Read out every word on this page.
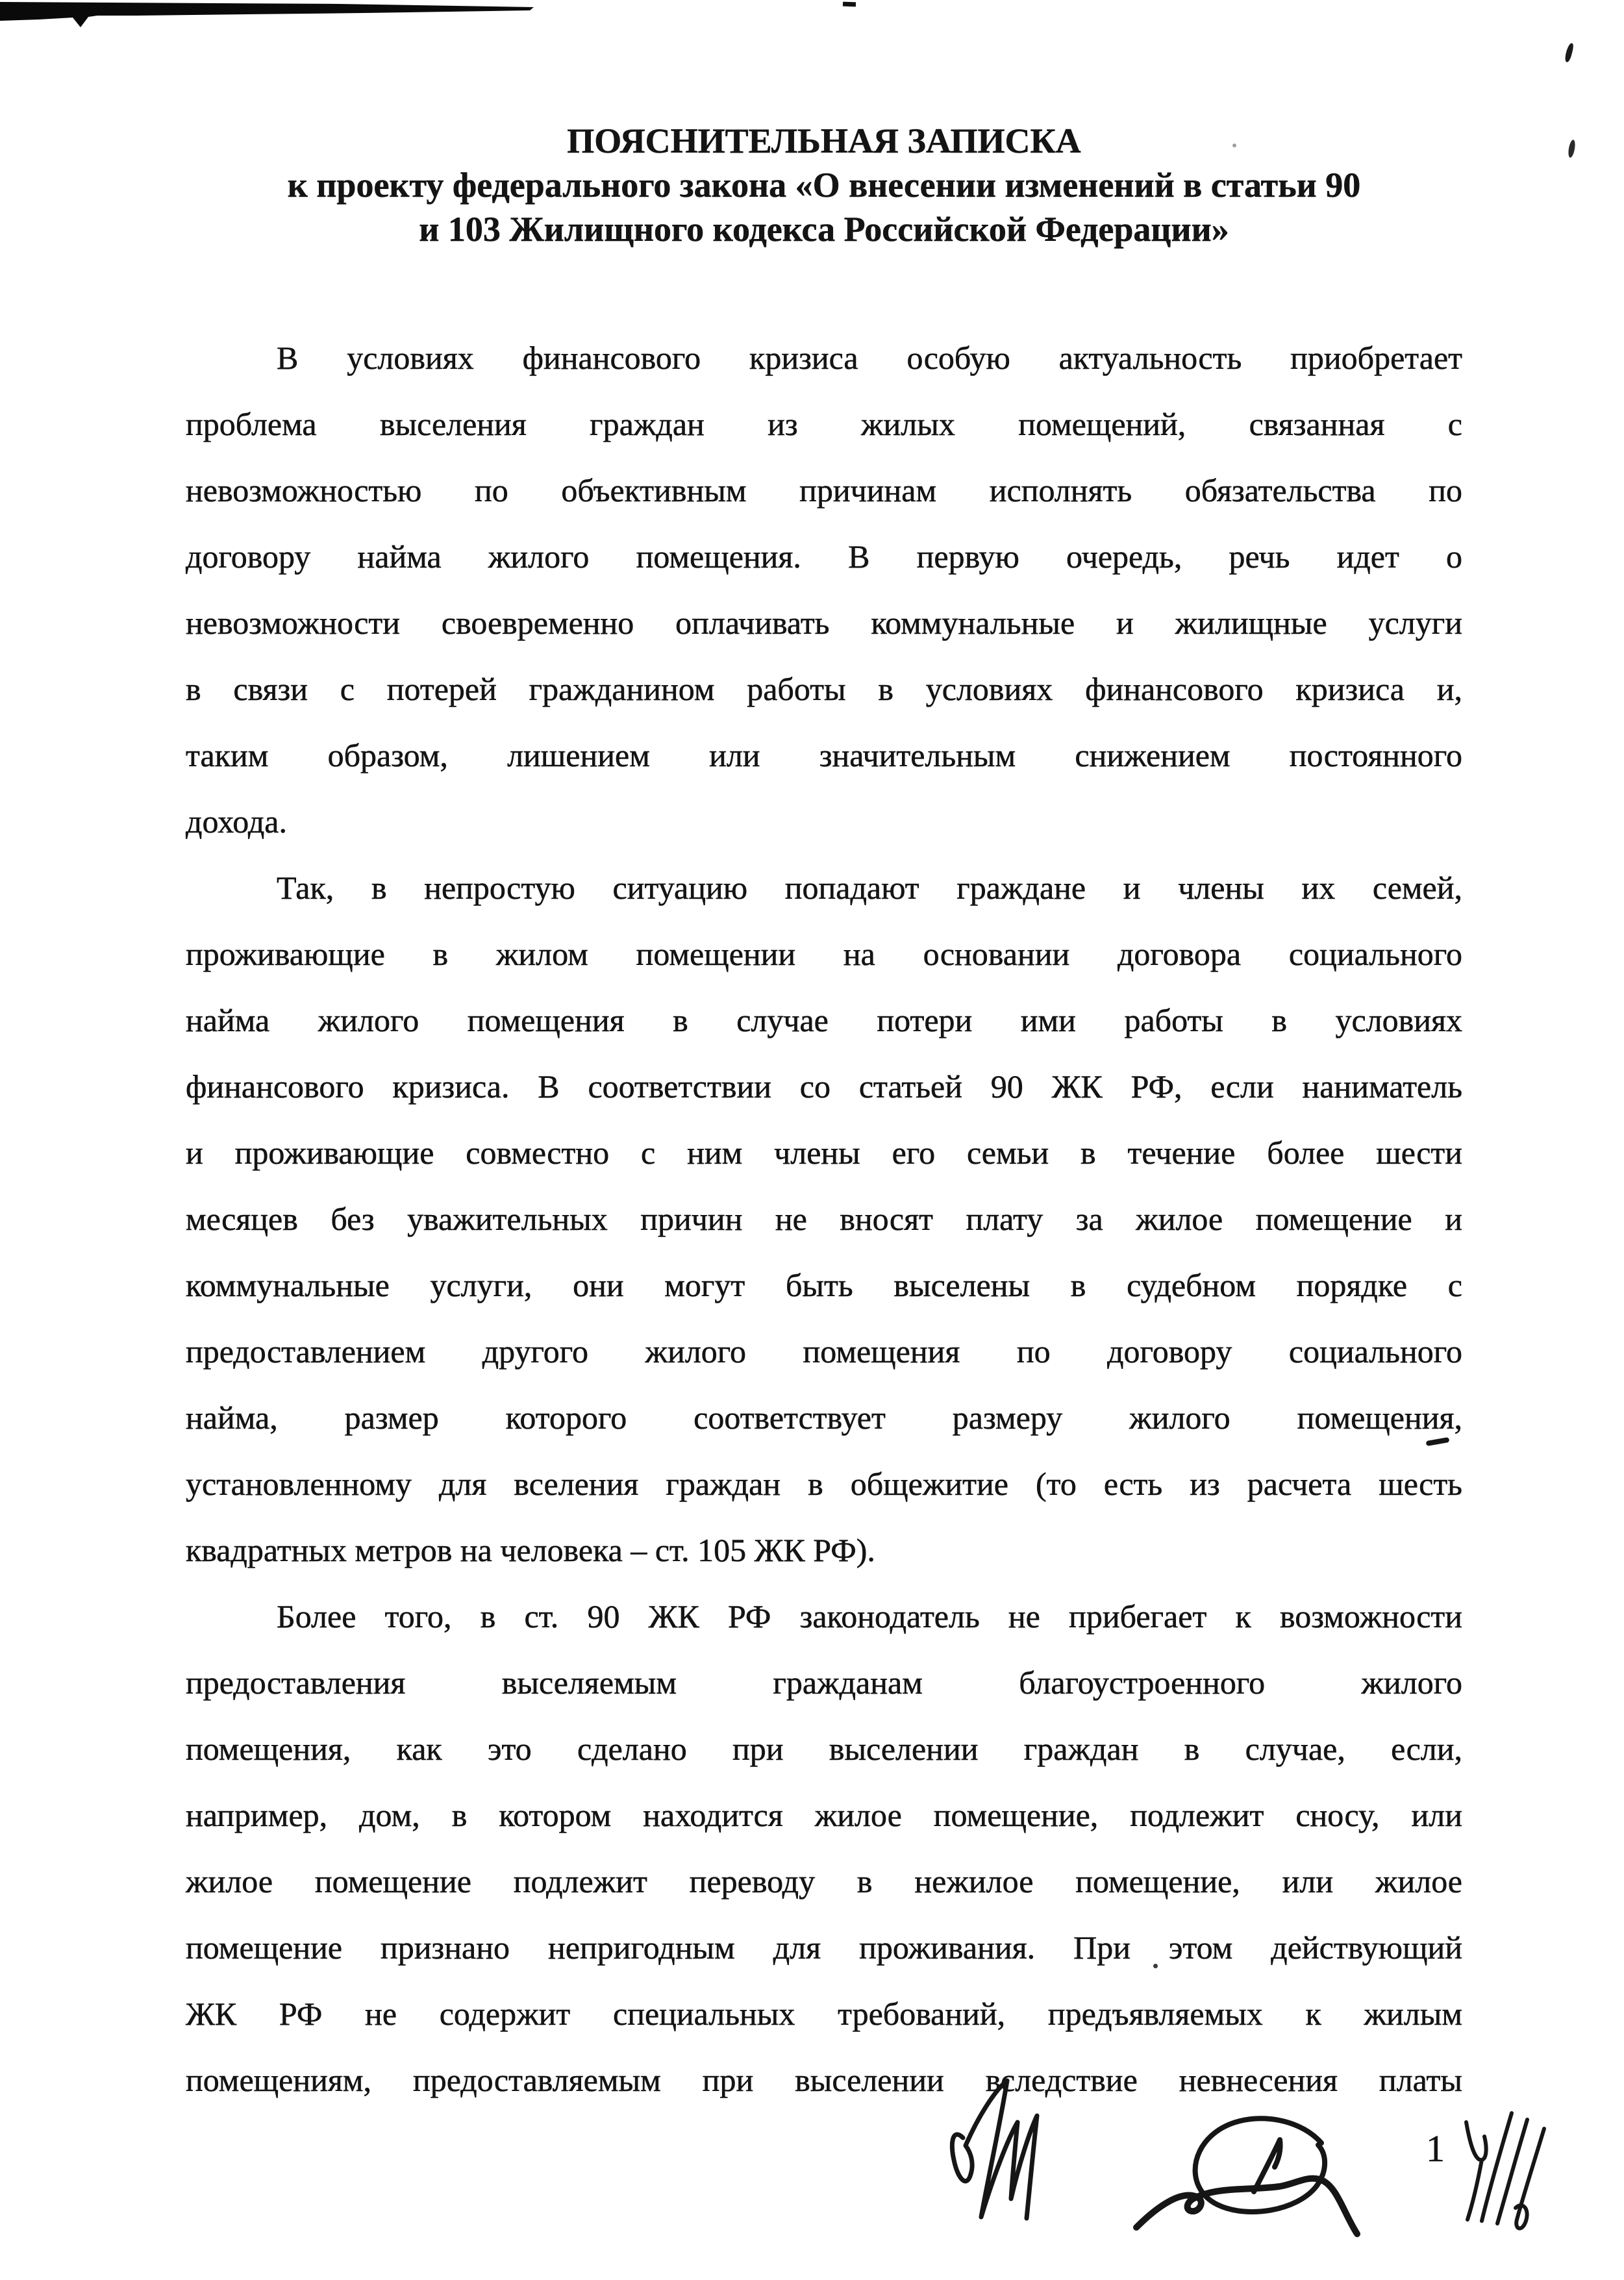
ПОЯСНИТЕЛЬНАЯ ЗАПИСКА
к проекту федерального закона «О внесении изменений в статьи 90
и 103 Жилищного кодекса Российской Федерации»

В условиях финансового кризиса особую актуальность приобретает
проблема выселения граждан из жилых помещений, связанная с
невозможностью по объективным причинам исполнять обязательства по
договору найма жилого помещения. В первую очередь, речь идет о
невозможности своевременно оплачивать коммунальные и жилищные услуги
в связи с потерей гражданином работы в условиях финансового кризиса и,
таким образом, лишением или значительным снижением постоянного
дохода.

Так, в непростую ситуацию попадают граждане и члены их семей,
проживающие в жилом помещении на основании договора социального
найма жилого помещения в случае потери ими работы в условиях
финансового кризиса. В соответствии со статьей 90 ЖК РФ, если наниматель
и проживающие совместно с ним члены его семьи в течение более шести
месяцев без уважительных причин не вносят плату за жилое помещение и
коммунальные услуги, они могут быть выселены в судебном порядке с
предоставлением другого жилого помещения по договору социального
найма, размер которого соответствует размеру жилого помещения,
установленному для вселения граждан в общежитие (то есть из расчета шесть
квадратных метров на человека – ст. 105 ЖК РФ).

Более того, в ст. 90 ЖК РФ законодатель не прибегает к возможности
предоставления выселяемым гражданам благоустроенного жилого
помещения, как это сделано при выселении граждан в случае, если,
например, дом, в котором находится жилое помещение, подлежит сносу, или
жилое помещение подлежит переводу в нежилое помещение, или жилое
помещение признано непригодным для проживания. При этом действующий
ЖК РФ не содержит специальных требований, предъявляемых к жилым
помещениям, предоставляемым при выселении вследствие невнесения платы

1
